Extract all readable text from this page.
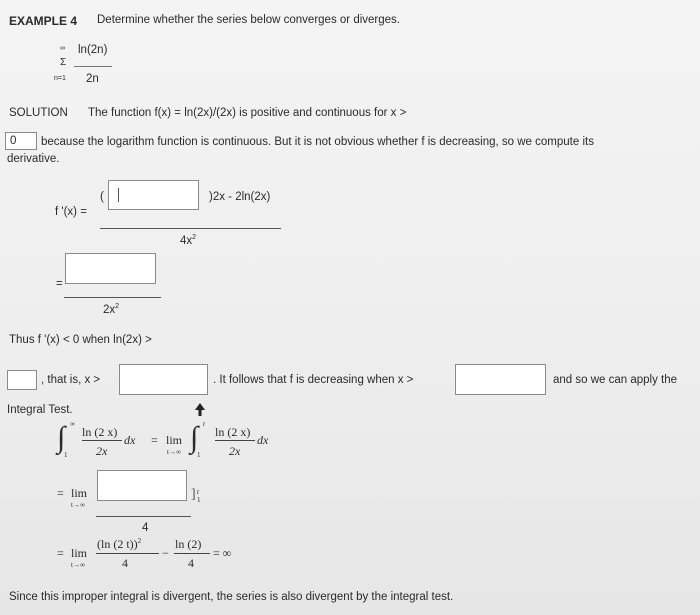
EXAMPLE 4 Determine whether the series below converges or diverges.
∞
Σ
n=1
ln(2n)
2n
SOLUTION The function f(x) = ln(2x)/(2x) is positive and continuous for x >
0 because the logarithm function is continuous. But it is not obvious whether f is decreasing, so we compute its
derivative.
f '(x) =
(	)2x - 2ln(2x)
$4x^2$
=
$2x^2$
Thus f '(x) < 0 when ln(2x) >
, that is, x >	. It follows that f is decreasing when x >	and so we can apply the
Integral Test.
∫ ∞
1
ln (2 x)
2x
dx = lim
t→∞ ∫ t
1
ln (2 x)
2x
dx
= lim
t→∞
] t
1
4
= lim
t→∞
(ln (2 t))$^2$
4
−
ln (2)
4
= ∞
Since this improper integral is divergent, the series is also divergent by the integral test.
